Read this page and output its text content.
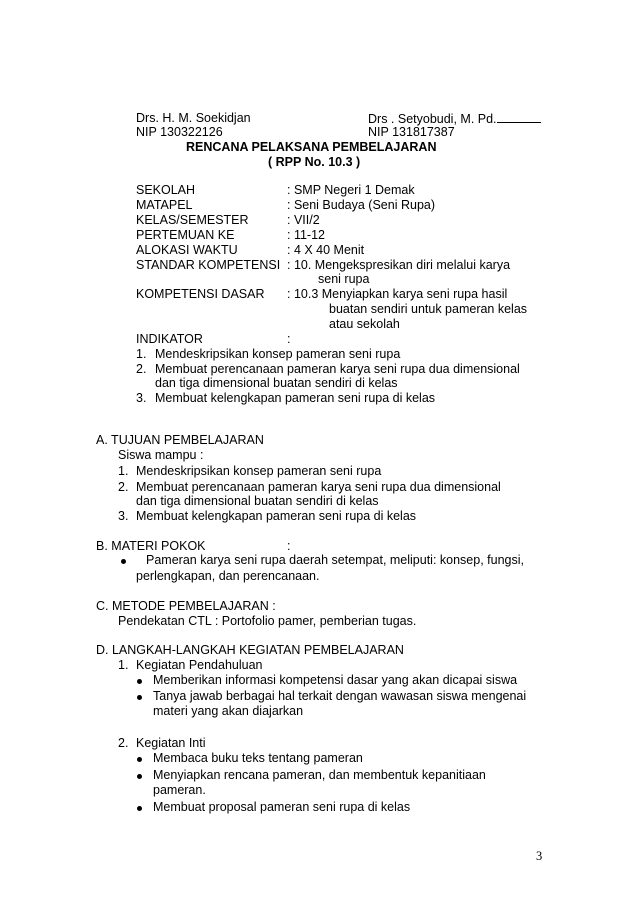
Drs. H. M. Soekidjan	Drs . Setyobudi, M. Pd.
NIP 130322126	NIP 131817387
RENCANA PELAKSANA PEMBELAJARAN
( RPP No. 10.3 )
SEKOLAH	: SMP Negeri 1 Demak
MATAPEL	: Seni Budaya (Seni Rupa)
KELAS/SEMESTER	: VII/2
PERTEMUAN KE	: 11-12
ALOKASI WAKTU	: 4 X 40 Menit
STANDAR KOMPETENSI : 10. Mengekspresikan diri melalui karya
seni rupa
KOMPETENSI DASAR : 10.3 Menyiapkan karya seni rupa hasil
buatan sendiri untuk pameran kelas
atau sekolah
INDIKATOR	:
1. Mendeskripsikan konsep pameran seni rupa
2. Membuat perencanaan pameran karya seni rupa dua dimensional
dan tiga dimensional buatan sendiri di kelas
3. Membuat kelengkapan pameran seni rupa di kelas
A. TUJUAN PEMBELAJARAN
Siswa mampu :
1. Mendeskripsikan konsep pameran seni rupa
2. Membuat perencanaan pameran karya seni rupa dua dimensional
dan tiga dimensional buatan sendiri di kelas
3. Membuat kelengkapan pameran seni rupa di kelas
B. MATERI POKOK	:
Pameran karya seni rupa daerah setempat, meliputi: konsep, fungsi,
perlengkapan, dan perencanaan.
C. METODE PEMBELAJARAN :
Pendekatan CTL : Portofolio pamer, pemberian tugas.
D. LANGKAH-LANGKAH KEGIATAN PEMBELAJARAN
1. Kegiatan Pendahuluan
Memberikan informasi kompetensi dasar yang akan dicapai siswa
Tanya jawab berbagai hal terkait dengan wawasan siswa mengenai
materi yang akan diajarkan
2. Kegiatan Inti
Membaca buku teks tentang pameran
Menyiapkan rencana pameran, dan membentuk kepanitiaan
pameran.
Membuat proposal pameran seni rupa di kelas
3
